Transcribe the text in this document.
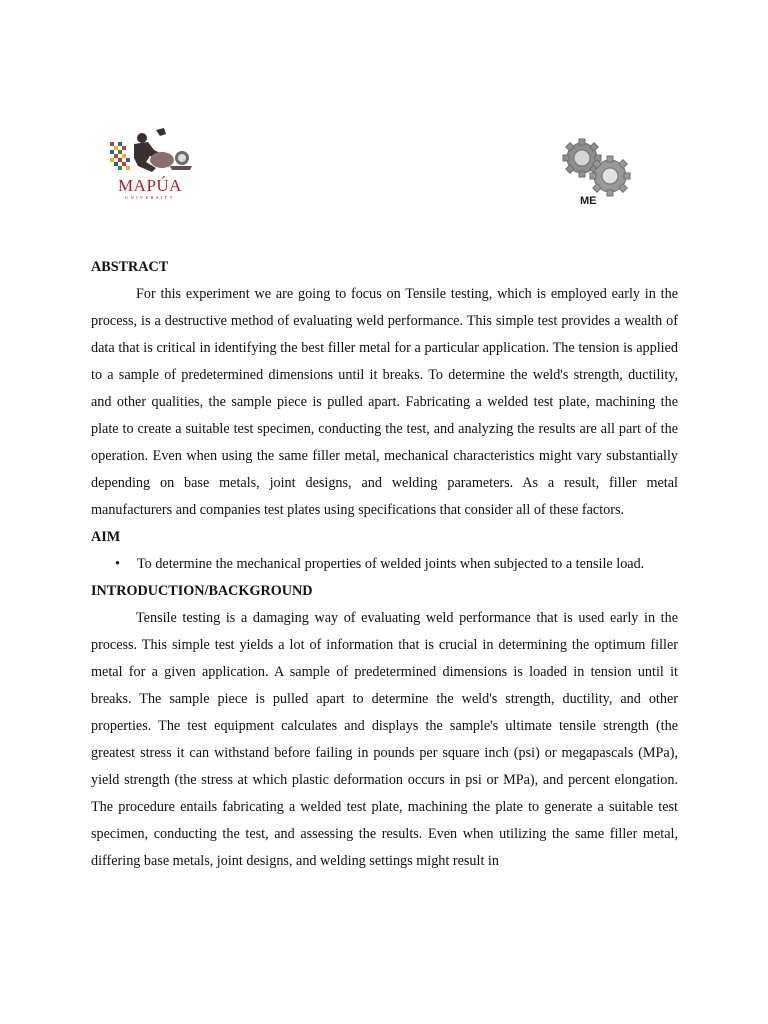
MAPÚA
UNIVERSITY	ME

ABSTRACT

For this experiment we are going to focus on Tensile testing, which is employed early in the process, is a destructive method of evaluating weld performance. This simple test provides a wealth of data that is critical in identifying the best filler metal for a particular application. The tension is applied to a sample of predetermined dimensions until it breaks. To determine the weld's strength, ductility, and other qualities, the sample piece is pulled apart. Fabricating a welded test plate, machining the plate to create a suitable test specimen, conducting the test, and analyzing the results are all part of the operation. Even when using the same filler metal, mechanical characteristics might vary substantially depending on base metals, joint designs, and welding parameters. As a result, filler metal manufacturers and companies test plates using specifications that consider all of these factors.

AIM

• To determine the mechanical properties of welded joints when subjected to a tensile load.

INTRODUCTION/BACKGROUND

Tensile testing is a damaging way of evaluating weld performance that is used early in the process. This simple test yields a lot of information that is crucial in determining the optimum filler metal for a given application. A sample of predetermined dimensions is loaded in tension until it breaks. The sample piece is pulled apart to determine the weld's strength, ductility, and other properties. The test equipment calculates and displays the sample's ultimate tensile strength (the greatest stress it can withstand before failing in pounds per square inch (psi) or megapascals (MPa), yield strength (the stress at which plastic deformation occurs in psi or MPa), and percent elongation. The procedure entails fabricating a welded test plate, machining the plate to generate a suitable test specimen, conducting the test, and assessing the results. Even when utilizing the same filler metal, differing base metals, joint designs, and welding settings might result in
